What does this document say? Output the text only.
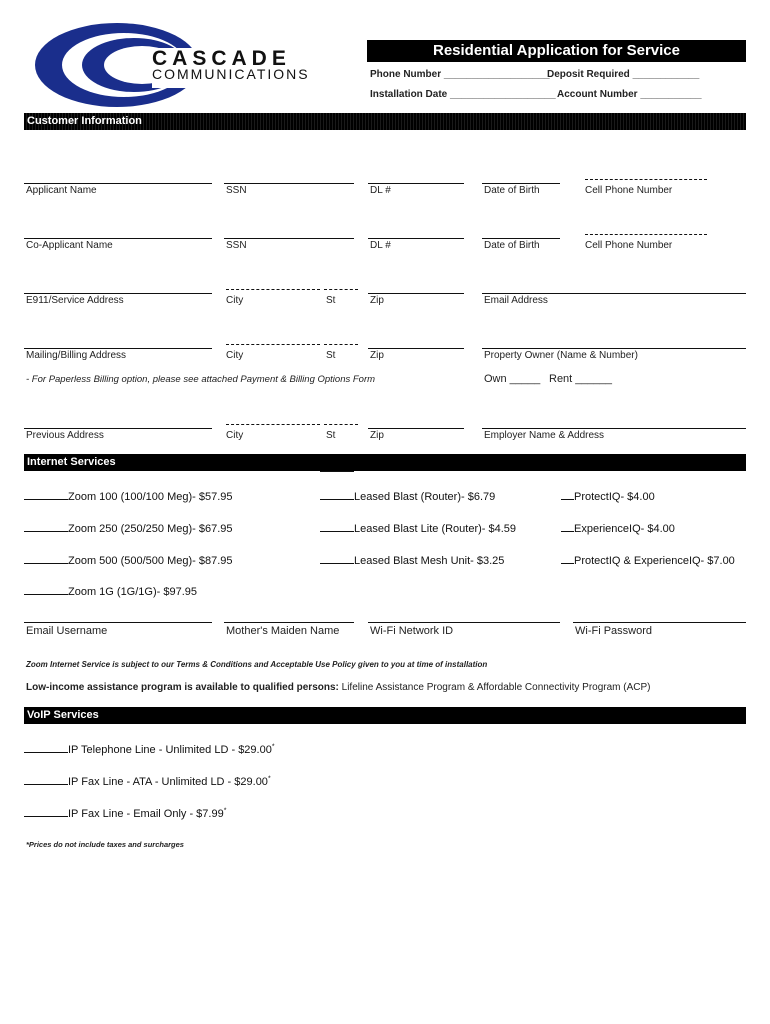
CASCADE
COMMUNICATIONS
Residential Application for Service
Phone Number ___________________
Deposit Required ____________
Installation Date ___________________ Account Number ___________
Customer Information
Applicant Name	SSN	DL #	Date of Birth	Cell Phone Number
Co-Applicant Name	SSN	DL #	Date of Birth	Cell Phone Number
E911/Service Address	City	St	Zip	Email Address
Mailing/Billing Address	City	St	Zip	Property Owner (Name & Number)
- For Paperless Billing option, please see attached Payment & Billing Options Form	Own _____ Rent ______
Previous Address	City	St	Zip	Employer Name & Address
Internet Services
Zoom 100 (100/100 Meg)- $57.95
Zoom 250 (250/250 Meg)- $67.95
Zoom 500 (500/500 Meg)- $87.95
Zoom 1G (1G/1G)- $97.95
Leased Blast (Router)- $6.79
Leased Blast Lite (Router)- $4.59
Leased Blast Mesh Unit- $3.25
ProtectIQ- $4.00
ExperienceIQ- $4.00
ProtectIQ & ExperienceIQ- $7.00
Email Username	Mother's Maiden Name	Wi-Fi Network ID	Wi-Fi Password
Zoom Internet Service is subject to our Terms & Conditions and Acceptable Use Policy given to you at time of installation
Low-income assistance program is available to qualified persons: Lifeline Assistance Program & Affordable Connectivity Program (ACP)
VoIP Services
IP Telephone Line - Unlimited LD - $29.00*
IP Fax Line - ATA - Unlimited LD - $29.00*
IP Fax Line - Email Only - $7.99*
*Prices do not include taxes and surcharges
